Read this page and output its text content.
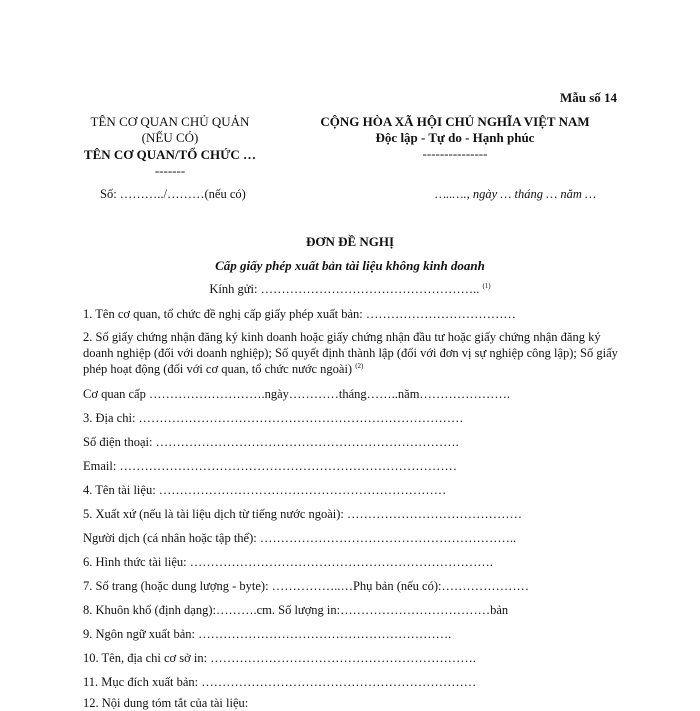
Mẫu số 14
TÊN CƠ QUAN CHỦ QUẢN
(NẾU CÓ)
TÊN CƠ QUAN/TỔ CHỨC …
-------
CỘNG HÒA XÃ HỘI CHỦ NGHĨA VIỆT NAM
Độc lập - Tự do - Hạnh phúc
---------------
Số: ………../………(nếu có)	…..…., ngày … tháng … năm …
ĐƠN ĐỀ NGHỊ
Cấp giấy phép xuất bản tài liệu không kinh doanh
Kính gửi: …………………………………………….. $^{(1)}$
1. Tên cơ quan, tổ chức đề nghị cấp giấy phép xuất bản: ………………………………
2. Số giấy chứng nhận đăng ký kinh doanh hoặc giấy chứng nhận đầu tư hoặc giấy chứng nhận đăng ký doanh nghiệp (đối với doanh nghiệp); Số quyết định thành lập (đối với đơn vị sự nghiệp công lập); Số giấy phép hoạt động (đối với cơ quan, tổ chức nước ngoài) $^{(2)}$
Cơ quan cấp ……………………….ngày…………tháng……..năm………………….
3. Địa chỉ: ……………………………………………………………………
Số điện thoại: ……………………………………………………………….
Email: ………………………………………………………………………
4. Tên tài liệu: ……………………………………………………………
5. Xuất xứ (nếu là tài liệu dịch từ tiếng nước ngoài): ……………………………………
Người dịch (cá nhân hoặc tập thể): ……………………………………………………..
6. Hình thức tài liệu: ……………………………………………………………….
7. Số trang (hoặc dung lượng - byte): ……………..…Phụ bản (nếu có):…………………
8. Khuôn khổ (định dạng):……….cm. Số lượng in:………………………………bản
9. Ngôn ngữ xuất bản: …………………………………………………….
10. Tên, địa chỉ cơ sở in: ……………………………………………………….
11. Mục đích xuất bản: …………………………………………………………
12. Nội dung tóm tắt của tài liệu:
